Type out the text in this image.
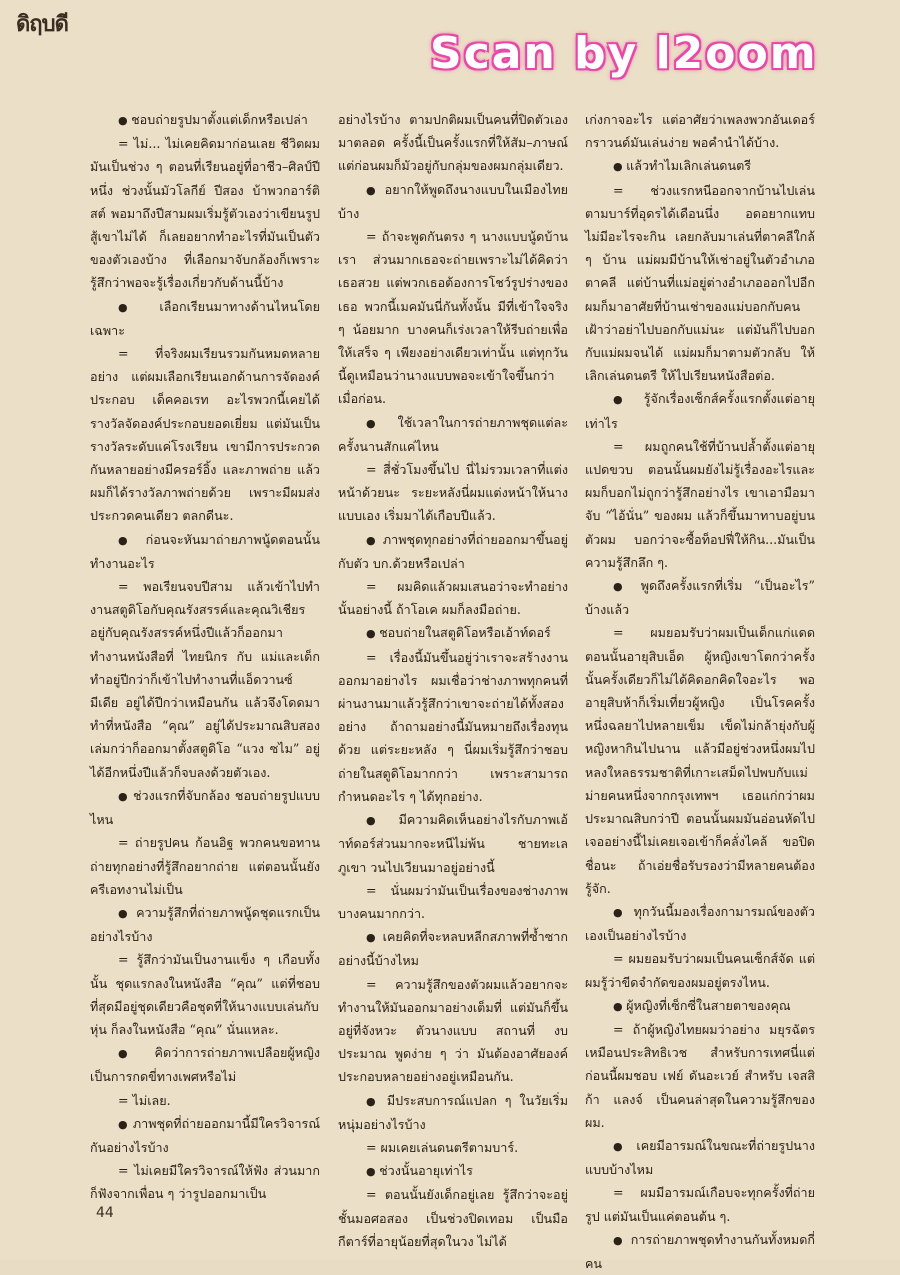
ดิฤบดี
Scan by l2oom

● ชอบถ่ายรูปมาตั้งแต่เด็กหรือเปล่า

= ไม่... ไม่เคยคิดมาก่อนเลย ชีวิตผมมันเป็นช่วง ๆ ตอนที่เรียนอยู่ที่อาชีว–ศิลป์ปีหนึ่ง ช่วงนั้นมัวโลกีย์ ปีสอง บ้าพวกอาร์ติสต์ พอมาถึงปีสามผมเริ่มรู้ตัวเองว่าเขียนรูปสู้เขาไม่ได้ ก็เลยอยากทำอะไรที่มันเป็นตัวของตัวเองบ้าง ที่เลือกมาจับกล้องก็เพราะรู้สึกว่าพอจะรู้เรื่องเกี่ยวกับด้านนี้บ้าง

● เลือกเรียนมาทางด้านไหนโดยเฉพาะ

= ที่จริงผมเรียนรวมกันหมดหลายอย่าง แต่ผมเลือกเรียนเอกด้านการจัดองค์ประกอบ เด็คคอเรท อะไรพวกนี้เคยได้รางวัลจัดองค์ประกอบยอดเยี่ยม แต่มันเป็นรางวัลระดับแค่โรงเรียน เขามีการประกวดกันหลายอย่างมีครอร์อิ้ง และภาพถ่าย แล้วผมก็ได้รางวัลภาพถ่ายด้วย เพราะมีผมส่งประกวดคนเดียว ตลกดีนะ.

● ก่อนจะหันมาถ่ายภาพนู้ดตอนนั้นทำงานอะไร

= พอเรียนจบปีสาม แล้วเข้าไปทำงานสตูดิโอกับคุณรังสรรค์และคุณวิเชียรอยู่กับคุณรังสรรค์หนึ่งปีแล้วก็ออกมาทำงานหนังสือที่ ไทยนิกร กับ แม่และเด็ก ทำอยู่ปีกว่าก็เข้าไปทำงานที่แอ็ดวานซ์ มีเดีย อยู่ได้ปีกว่าเหมือนกัน แล้วจึงโดดมาทำที่หนังสือ “คุณ” อยู่ได้ประมาณสิบสองเล่มกว่าก็ออกมาตั้งสตูดิโอ “แวง ซไม” อยู่ได้อีกหนึ่งปีแล้วก็จบลงด้วยตัวเอง.

● ช่วงแรกที่จับกล้อง ชอบถ่ายรูปแบบไหน

= ถ่ายรูปคน ก้อนอิฐ พวกคนขอทาน ถ่ายทุกอย่างที่รู้สึกอยากถ่าย แต่ตอนนั้นยังครีเอทงานไม่เป็น

● ความรู้สึกที่ถ่ายภาพนู้ดชุดแรกเป็นอย่างไรบ้าง

= รู้สึกว่ามันเป็นงานแข็ง ๆ เกือบทั้งนั้น ชุดแรกลงในหนังสือ “คุณ” แต่ที่ชอบที่สุดมีอยู่ชุดเดียวคือชุดที่ให้นางแบบเล่นกับหุ่น ก็ลงในหนังสือ “คุณ” นั่นแหละ.

● คิดว่าการถ่ายภาพเปลือยผู้หญิงเป็นการกดขี่ทางเพศหรือไม่

= ไม่เลย.

● ภาพชุดที่ถ่ายออกมานี้มีใครวิจารณ์กันอย่างไรบ้าง

= ไม่เคยมีใครวิจารณ์ให้ฟัง ส่วนมากก็ฟังจากเพื่อน ๆ ว่ารูปออกมาเป็น

อย่างไรบ้าง ตามปกติผมเป็นคนที่ปิดตัวเองมาตลอด ครั้งนี้เป็นครั้งแรกที่ให้สัม–ภาษณ์ แต่ก่อนผมก็มัวอยู่กับกลุ่มของผมกลุ่มเดียว.

● อยากให้พูดถึงนางแบบในเมืองไทยบ้าง

= ถ้าจะพูดกันตรง ๆ นางแบบนู้ดบ้านเรา ส่วนมากเธอจะถ่ายเพราะไม่ได้คิดว่าเธอสวย แต่พวกเธอต้องการโชว์รูปร่างของเธอ พวกนี้เมคมันนี่กันทั้งนั้น มีที่เข้าใจจริง ๆ น้อยมาก บางคนก็เร่งเวลาให้รีบถ่ายเพื่อให้เสร็จ ๆ เพียงอย่างเดียวเท่านั้น แต่ทุกวันนี้ดูเหมือนว่านางแบบพอจะเข้าใจขึ้นกว่าเมื่อก่อน.

● ใช้เวลาในการถ่ายภาพชุดแต่ละครั้งนานสักแค่ไหน

= สี่ชั่วโมงขึ้นไป นี่ไม่รวมเวลาที่แต่งหน้าด้วยนะ ระยะหลังนี่ผมแต่งหน้าให้นางแบบเอง เริ่มมาได้เกือบปีแล้ว.

● ภาพชุดทุกอย่างที่ถ่ายออกมาขึ้นอยู่กับตัว บก.ด้วยหรือเปล่า

= ผมคิดแล้วผมเสนอว่าจะทำอย่างนั้นอย่างนี้ ถ้าโอเค ผมก็ลงมือถ่าย.

● ชอบถ่ายในสตูดิโอหรือเอ้าท์ดอร์

= เรื่องนี้มันขึ้นอยู่ว่าเราจะสร้างงานออกมาอย่างไร ผมเชื่อว่าช่างภาพทุกคนที่ผ่านงานมาแล้วรู้สึกว่าเขาจะถ่ายได้ทั้งสองอย่าง ถ้าถามอย่างนี้มันหมายถึงเรื่องทุนด้วย แต่ระยะหลัง ๆ นี่ผมเริ่มรู้สึกว่าชอบถ่ายในสตูดิโอมากกว่า เพราะสามารถกำหนดอะไร ๆ ได้ทุกอย่าง.

● มีความคิดเห็นอย่างไรกับภาพเอ้าท์ดอร์ส่วนมากจะหนีไม่พ้น ชายทะเล ภูเขา วนไปเวียนมาอยู่อย่างนี้

= นั่นผมว่ามันเป็นเรื่องของช่างภาพบางคนมากกว่า.

● เคยคิดที่จะหลบหลีกสภาพที่ซ้ำซากอย่างนี้บ้างไหม

= ความรู้สึกของตัวผมแล้วอยากจะทำงานให้มันออกมาอย่างเต็มที่ แต่มันก็ขึ้นอยู่ที่จังหวะ ตัวนางแบบ สถานที่ งบประมาณ พูดง่าย ๆ ว่า มันต้องอาศัยองค์ประกอบหลายอย่างอยู่เหมือนกัน.

● มีประสบการณ์แปลก ๆ ในวัยเริ่มหนุ่มอย่างไรบ้าง

= ผมเคยเล่นดนตรีตามบาร์.

● ช่วงนั้นอายุเท่าไร

= ตอนนั้นยังเด็กอยู่เลย รู้สึกว่าจะอยู่ชั้นมอศอสอง เป็นช่วงปิดเทอม เป็นมือกีตาร์ที่อายุน้อยที่สุดในวง ไม่ได้

เก่งกาจอะไร แต่อาศัยว่าเพลงพวกอันเดอร์กราวนด์มันเล่นง่าย พอคำนำได้บ้าง.

● แล้วทำไมเลิกเล่นดนตรี

= ช่วงแรกหนีออกจากบ้านไปเล่นตามบาร์ที่อุดรได้เดือนนึ่ง อดอยากแทบไม่มีอะไรจะกิน เลยกลับมาเล่นที่ตาคลีใกล้ ๆ บ้าน แม่ผมมีบ้านให้เช่าอยู่ในตัวอำเภอตาคลี แต่บ้านที่แม่อยู่ต่างอำเภอออกไปอีก ผมก็มาอาศัยที่บ้านเช่าของแม่บอกกับคนเฝ้าว่าอย่าไปบอกกับแม่นะ แต่มันก็ไปบอกกับแม่ผมจนได้ แม่ผมก็มาตามตัวกลับ ให้เลิกเล่นดนตรี ให้ไปเรียนหนังสือต่อ.

● รู้จักเรื่องเซ็กส์ครั้งแรกตั้งแต่อายุเท่าไร

= ผมถูกคนใช้ที่บ้านปล้ำตั้งแต่อายุแปดขวบ ตอนนั้นผมยังไม่รู้เรื่องอะไรและผมก็บอกไม่ถูกว่ารู้สึกอย่างไร เขาเอามือมาจับ “ไอ้นั่น” ของผม แล้วก็ขึ้นมาทาบอยู่บนตัวผม บอกว่าจะซื้อท็อปฟี่ให้กิน...มันเป็นความรู้สึกลึก ๆ.

● พูดถึงครั้งแรกที่เริ่ม “เป็นอะไร” บ้างแล้ว

= ผมยอมรับว่าผมเป็นเด็กแก่แดดตอนนั้นอายุสิบเอ็ด ผู้หญิงเขาโตกว่าครั้งนั้นครั้งเดียวก็ไม่ได้คิดอกคิดใจอะไร พออายุสิบห้าก็เริ่มเที่ยวผู้หญิง เป็นโรคครั้งหนึ่งฉลยาไปหลายเข็ม เข็ดไม่กล้ายุ่งกับผู้หญิงหากินไปนาน แล้วมีอยู่ช่วงหนึ่งผมไปหลงใหลธรรมชาติที่เกาะเสม็ดไปพบกับแม่ม่ายคนหนึ่งจากกรุงเทพฯ เธอแก่กว่าผมประมาณสิบกว่าปี ตอนนั้นผมมันอ่อนหัดไปเจออย่างนี้ไม่เคยเจอเข้าก็คลั่งไคล้ ขอปิดชื่อนะ ถ้าเอ่ยชื่อรับรองว่ามีหลายคนต้องรู้จัก.

● ทุกวันนี้มองเรื่องกามารมณ์ของตัวเองเป็นอย่างไรบ้าง

= ผมยอมรับว่าผมเป็นคนเซ็กส์จัด แต่ผมรู้ว่าขีดจำกัดของผมอยู่ตรงไหน.

● ผู้หญิงที่เซ็กซี่ในสายตาของคุณ

= ถ้าผู้หญิงไทยผมว่าอย่าง มยุรฉัตร เหมือนประสิทธิเวช สำหรับการเทศนี่แต่ก่อนนี้ผมชอบ เฟย์ ดันอะเวย์ สำหรับ เจสสิก้า แลงจ์ เป็นคนล่าสุดในความรู้สึกของผม.

● เคยมีอารมณ์ในขณะที่ถ่ายรูปนางแบบบ้างไหม

= ผมมีอารมณ์เกือบจะทุกครั้งที่ถ่ายรูป แต่มันเป็นแค่ตอนต้น ๆ.

● การถ่ายภาพชุดทำงานกันทั้งหมดกี่คน

44
